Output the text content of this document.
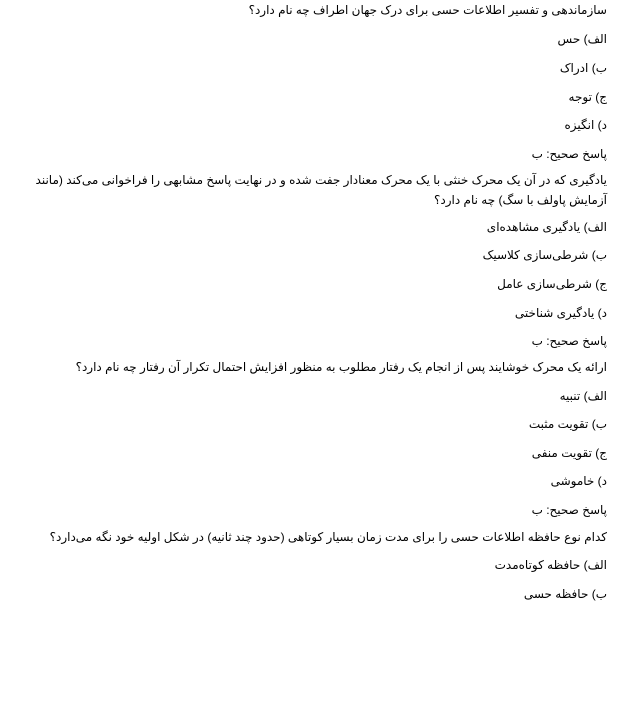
سازماندهی و تفسیر اطلاعات حسی برای درک جهان اطراف چه نام دارد؟
الف) حس
ب) ادراک
ج) توجه
د) انگیزه
پاسخ صحیح: ب
یادگیری که در آن یک محرک خنثی با یک محرک معنادار جفت شده و در نهایت پاسخ مشابهی را فراخوانی می‌کند (مانند آزمایش پاولف با سگ) چه نام دارد؟
الف) یادگیری مشاهده‌ای
ب) شرطی‌سازی کلاسیک
ج) شرطی‌سازی عامل
د) یادگیری شناختی
پاسخ صحیح: ب
ارائه یک محرک خوشایند پس از انجام یک رفتار مطلوب به منظور افزایش احتمال تکرار آن رفتار چه نام دارد؟
الف) تنبیه
ب) تقویت مثبت
ج) تقویت منفی
د) خاموشی
پاسخ صحیح: ب
کدام نوع حافظه اطلاعات حسی را برای مدت زمان بسیار کوتاهی (حدود چند ثانیه) در شکل اولیه خود نگه می‌دارد؟
الف) حافظه کوتاه‌مدت
ب) حافظه حسی
